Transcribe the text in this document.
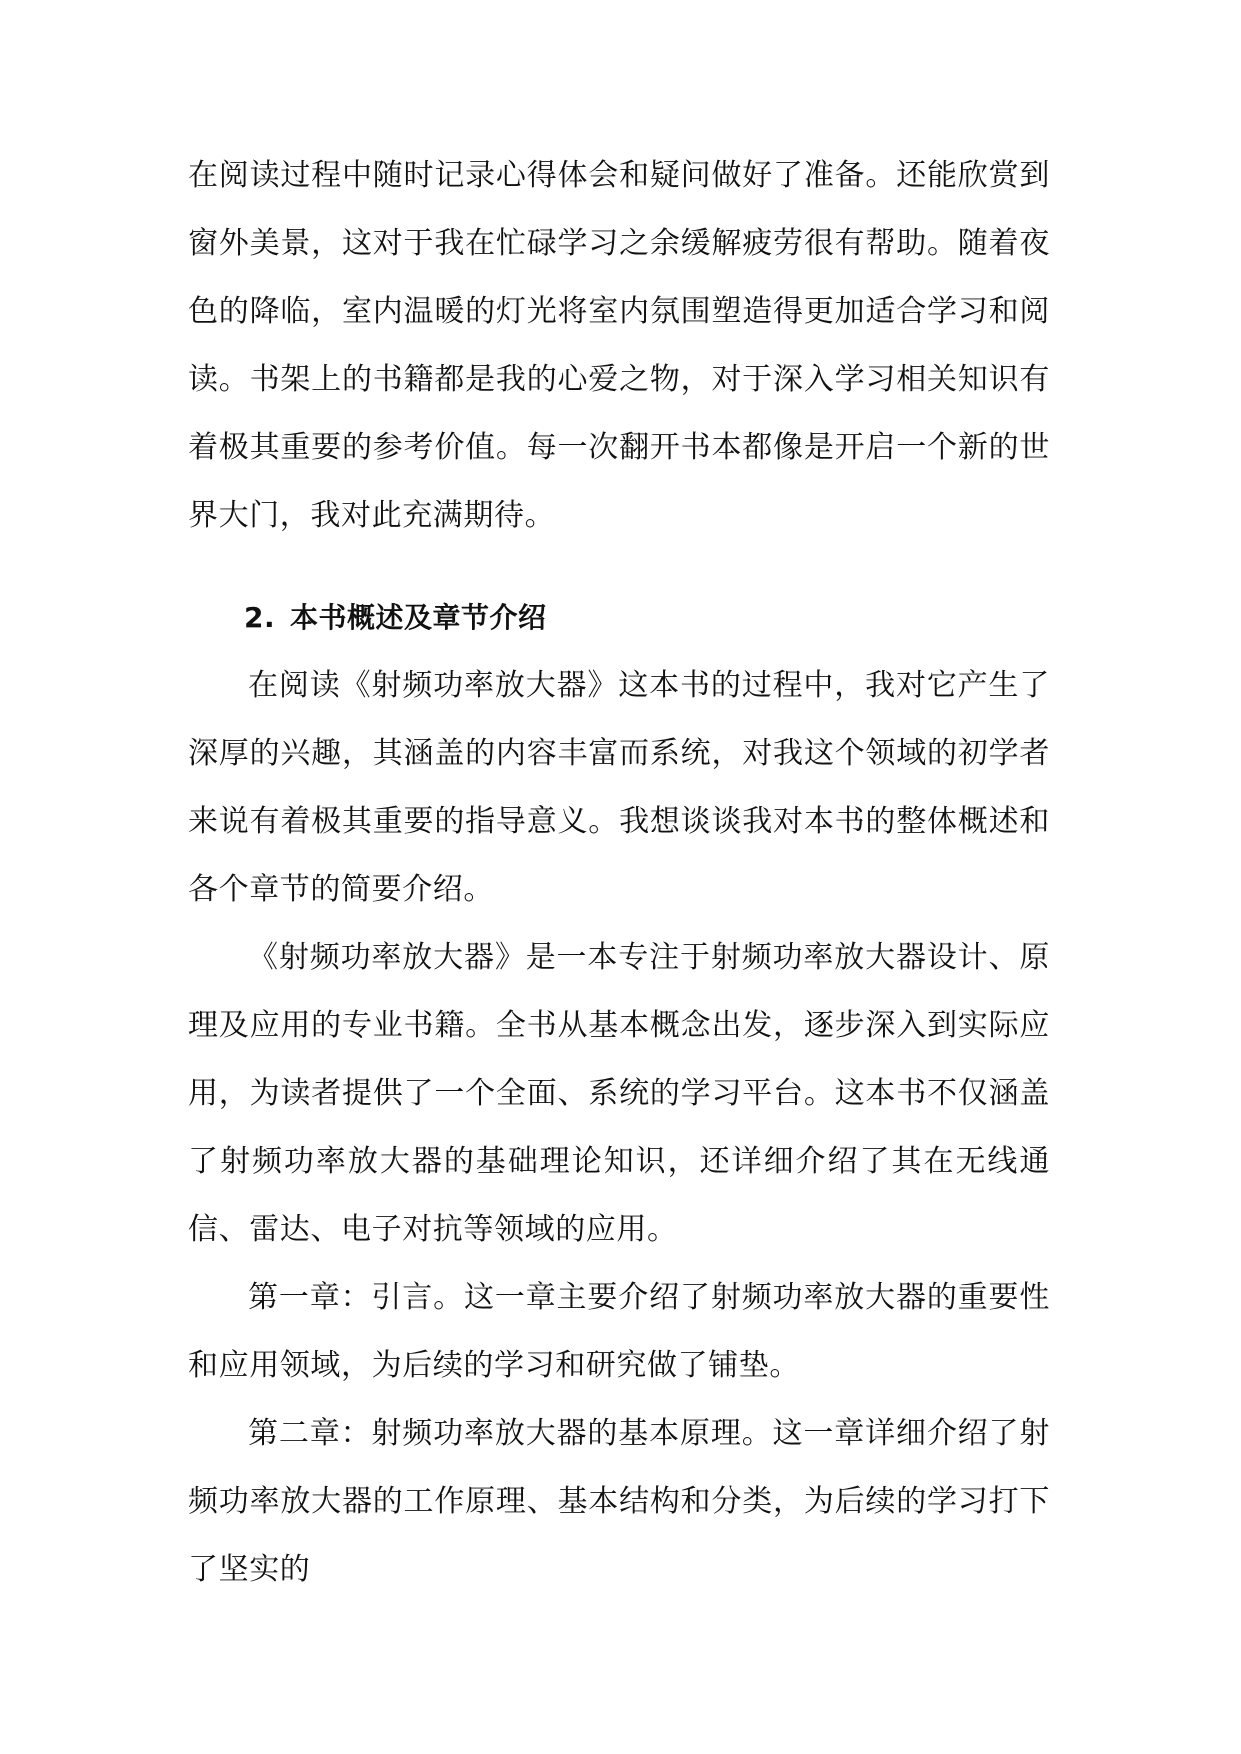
在阅读过程中随时记录心得体会和疑问做好了准备。还能欣赏到窗外美景，这对于我在忙碌学习之余缓解疲劳很有帮助。随着夜色的降临，室内温暖的灯光将室内氛围塑造得更加适合学习和阅读。书架上的书籍都是我的心爱之物，对于深入学习相关知识有着极其重要的参考价值。每一次翻开书本都像是开启一个新的世界大门，我对此充满期待。

2. 本书概述及章节介绍

在阅读《射频功率放大器》这本书的过程中，我对它产生了深厚的兴趣，其涵盖的内容丰富而系统，对我这个领域的初学者来说有着极其重要的指导意义。我想谈谈我对本书的整体概述和各个章节的简要介绍。

《射频功率放大器》是一本专注于射频功率放大器设计、原理及应用的专业书籍。全书从基本概念出发，逐步深入到实际应用，为读者提供了一个全面、系统的学习平台。这本书不仅涵盖了射频功率放大器的基础理论知识，还详细介绍了其在无线通信、雷达、电子对抗等领域的应用。

第一章：引言。这一章主要介绍了射频功率放大器的重要性和应用领域，为后续的学习和研究做了铺垫。

第二章：射频功率放大器的基本原理。这一章详细介绍了射频功率放大器的工作原理、基本结构和分类，为后续的学习打下了坚实的
